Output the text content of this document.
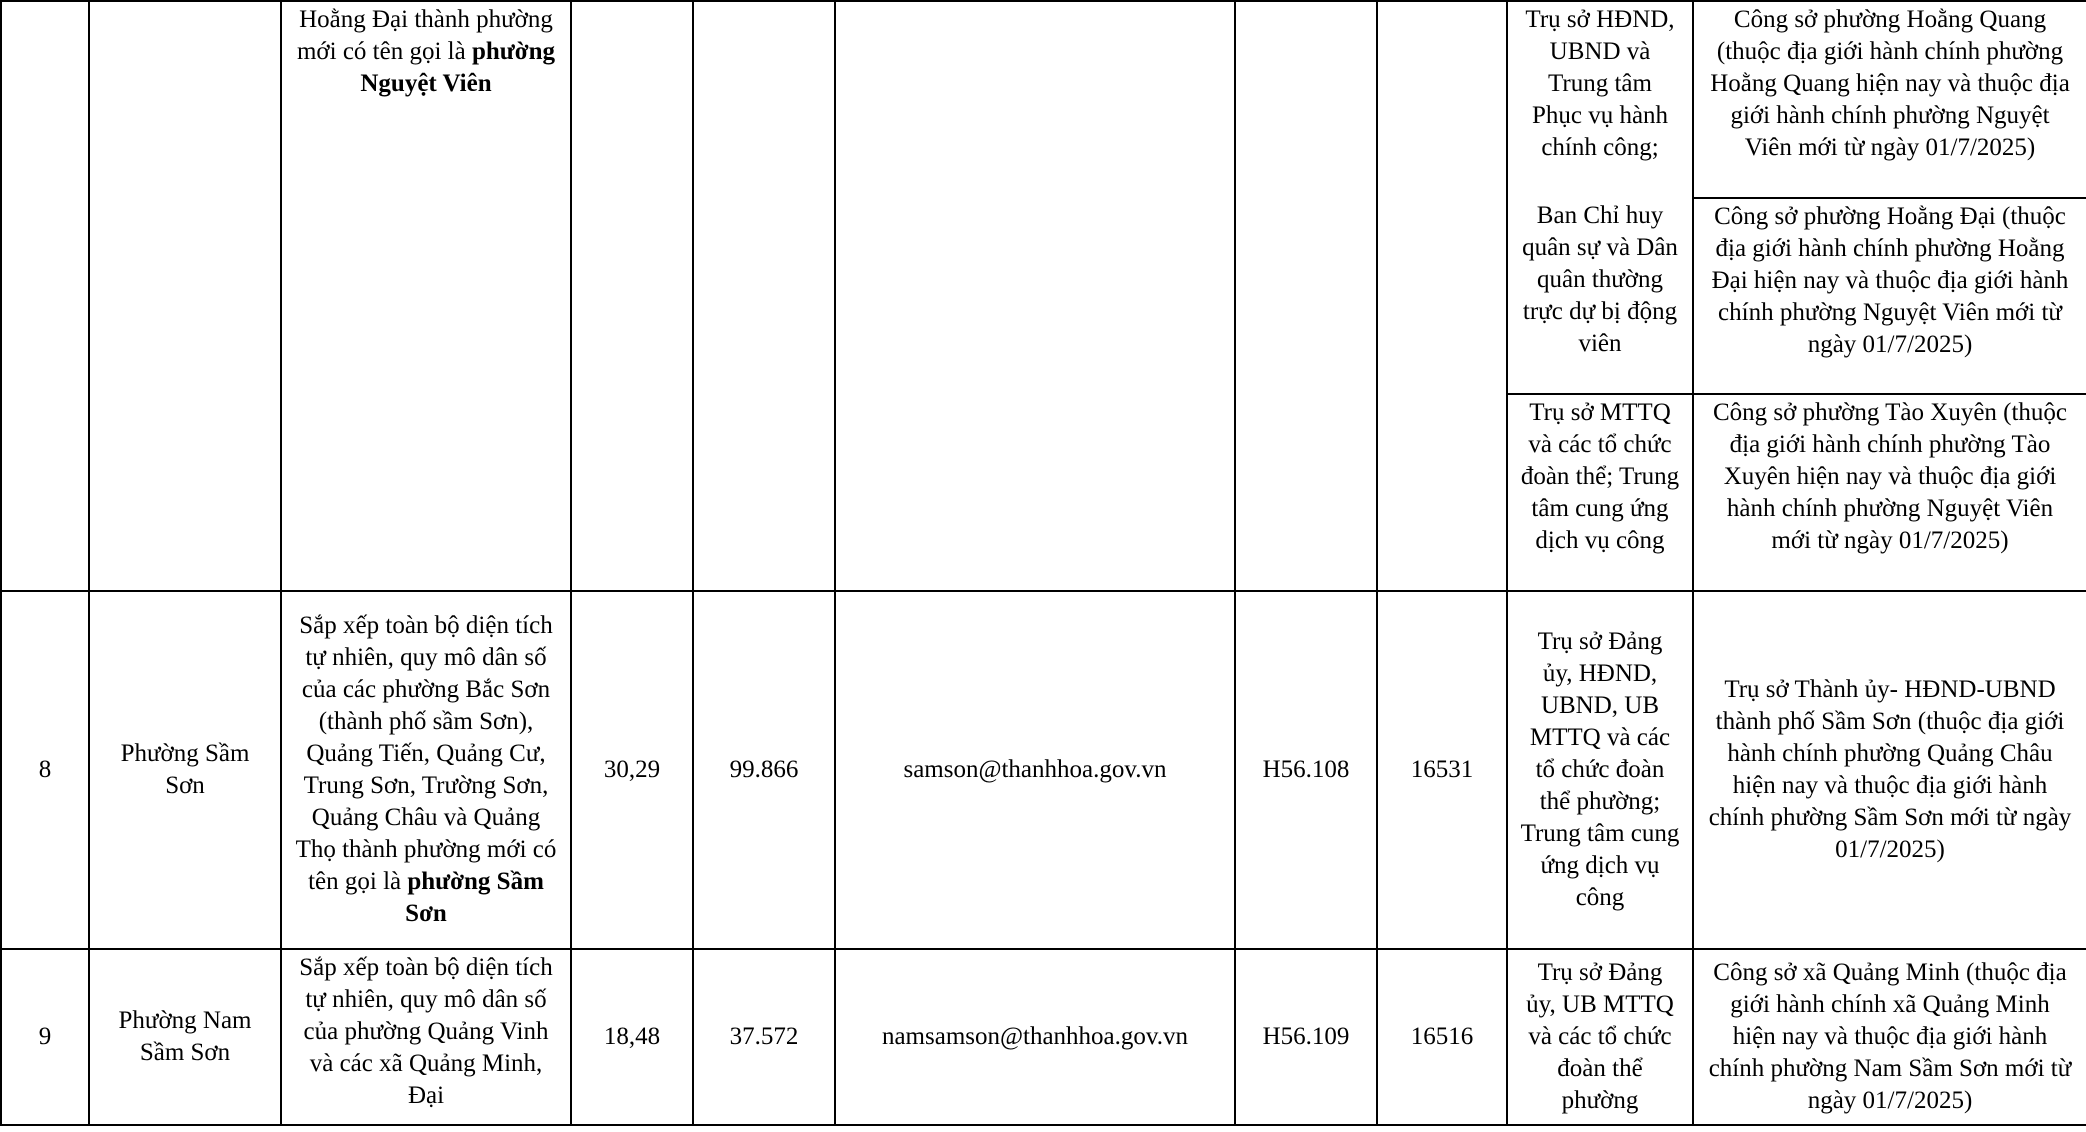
		Hoằng Đại thành phường mới có tên gọi là phường Nguyệt Viên						Trụ sở HĐND, UBND và Trung tâm Phục vụ hành chính công;	Công sở phường Hoằng Quang (thuộc địa giới hành chính phường Hoằng Quang hiện nay và thuộc địa giới hành chính phường Nguyệt Viên mới từ ngày 01/7/2025)
								Ban Chỉ huy quân sự và Dân quân thường trực dự bị động viên	Công sở phường Hoằng Đại (thuộc địa giới hành chính phường Hoằng Đại hiện nay và thuộc địa giới hành chính phường Nguyệt Viên mới từ ngày 01/7/2025)
								Trụ sở MTTQ và các tổ chức đoàn thể; Trung tâm cung ứng dịch vụ công	Công sở phường Tào Xuyên (thuộc địa giới hành chính phường Tào Xuyên hiện nay và thuộc địa giới hành chính phường Nguyệt Viên mới từ ngày 01/7/2025)
8	Phường Sầm Sơn	Sắp xếp toàn bộ diện tích tự nhiên, quy mô dân số của các phường Bắc Sơn (thành phố sầm Sơn), Quảng Tiến, Quảng Cư, Trung Sơn, Trường Sơn, Quảng Châu và Quảng Thọ thành phường mới có tên gọi là phường Sầm Sơn	30,29	99.866	samson@thanhhoa.gov.vn	H56.108	16531	Trụ sở Đảng ủy, HĐND, UBND, UB MTTQ và các tổ chức đoàn thể phường; Trung tâm cung ứng dịch vụ công	Trụ sở Thành ủy- HĐND-UBND thành phố Sầm Sơn (thuộc địa giới hành chính phường Quảng Châu hiện nay và thuộc địa giới hành chính phường Sầm Sơn mới từ ngày 01/7/2025)
9	Phường Nam Sầm Sơn	Sắp xếp toàn bộ diện tích tự nhiên, quy mô dân số của phường Quảng Vinh và các xã Quảng Minh, Đại	18,48	37.572	namsamson@thanhhoa.gov.vn	H56.109	16516	Trụ sở Đảng ủy, UB MTTQ và các tổ chức đoàn thể phường	Công sở xã Quảng Minh (thuộc địa giới hành chính xã Quảng Minh hiện nay và thuộc địa giới hành chính phường Nam Sầm Sơn mới từ ngày 01/7/2025)
